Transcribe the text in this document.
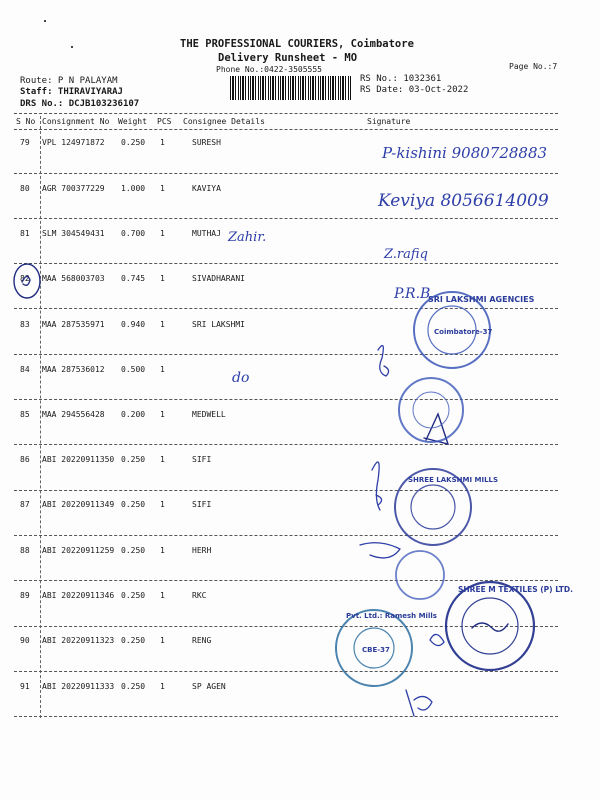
THE PROFESSIONAL COURIERS, Coimbatore
Delivery Runsheet - MO
Phone No.:0422-3505555	Page No.:7
Route: P N PALAYAM
Staff: THIRAVIYARAJ
DRS No.: DCJB103236107
RS No.: 1032361
RS Date: 03-Oct-2022
S No Consignment No Weight PCS Consignee Details	Signature
79 VPL 124971872 0.250 1	SURESH
80 AGR 700377229 1.000 1	KAVIYA
81 SLM 304549431 0.700 1	MUTHAJ
82 MAA 568003703 0.745 1	SIVADHARANI
83 MAA 287535971 0.940 1	SRI LAKSHMI
84 MAA 287536012 0.500 1
85 MAA 294556428 0.200 1	MEDWELL
86 ABI 20220911350 0.250 1	SIFI
87 ABI 20220911349 0.250 1	SIFI
88 ABI 20220911259 0.250 1	HERH
89 ABI 20220911346 0.250 1	RKC
90 ABI 20220911323 0.250 1	RENG
91 ABI 20220911333 0.250 1	SP AGEN
P-kishini 9080728883
Keviya 8056614009
Zahir.
Z.rafiq
P.R.B
do
SRI LAKSHMI AGENCIES
Coimbatore-37
SHREE LAKSHMI MILLS
SHREE M TEXTILES (P) LTD.
Pvt. Ltd.: Ramesh Mills
CBE-37
